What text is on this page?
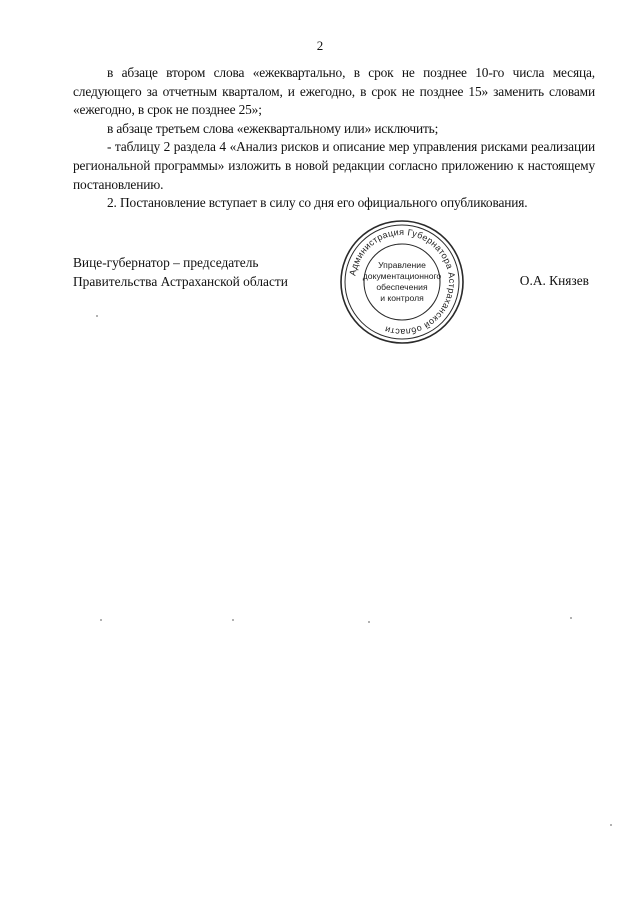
2

в абзаце втором слова «ежеквартально, в срок не позднее 10-го числа месяца, следующего за отчетным кварталом, и ежегодно, в срок не позднее 15» заменить словами «ежегодно, в срок не позднее 25»;

в абзаце третьем слова «ежеквартальному или» исключить;

- таблицу 2 раздела 4 «Анализ рисков и описание мер управления рисками реализации региональной программы» изложить в новой редакции согласно приложению к настоящему постановлению.

2. Постановление вступает в силу со дня его официального опубликования.

Вице-губернатор – председатель
Правительства Астраханской области	О.А. Князев
Администрация Губернатора Астраханской области
Управление
документационного
обеспечения
и контроля
